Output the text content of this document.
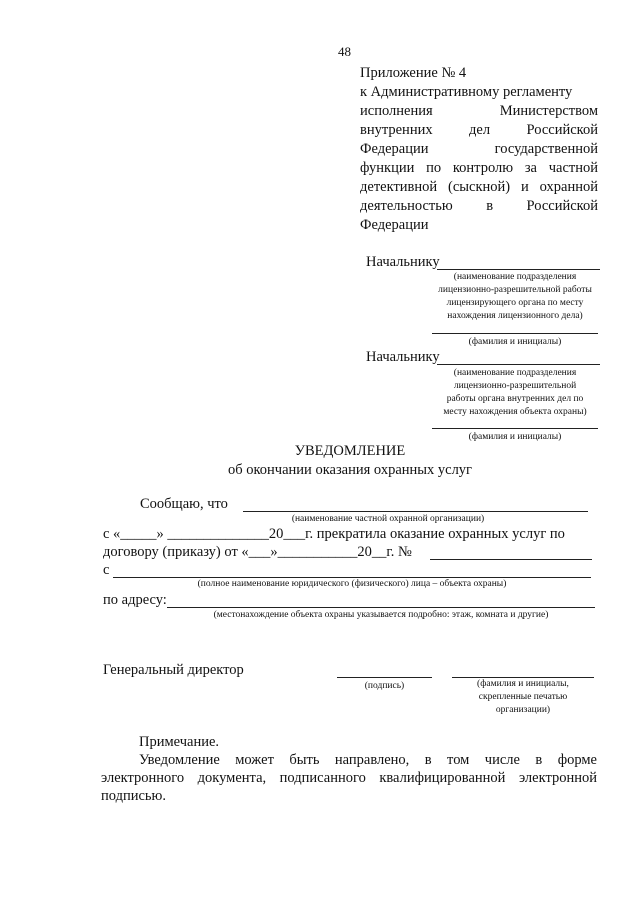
48
Приложение № 4
к Административному регламенту
исполнения Министерством
внутренних дел Российской
Федерации государственной
функции по контролю за частной
детективной (сыскной) и охранной
деятельностью в Российской
Федерации
Начальнику
(наименование подразделения
лицензионно-разрешительной работы
лицензирующего органа по месту
нахождения лицензионного дела)
(фамилия и инициалы)
Начальнику
(наименование подразделения
лицензионно-разрешительной
работы органа внутренних дел по
месту нахождения объекта охраны)
(фамилия и инициалы)
УВЕДОМЛЕНИЕ
об окончании оказания охранных услуг
Сообщаю, что
(наименование частной охранной организации)
с «_____» ______________20___г. прекратила оказание охранных услуг по
договору (приказу) от «___»___________20__г. №
с
(полное наименование юридического (физического) лица – объекта охраны)
по адресу:
(местонахождение объекта охраны указывается подробно: этаж, комната и другие)
Генеральный директор
(подпись)	(фамилия и инициалы,
скрепленные печатью
организации)
Примечание.
Уведомление может быть направлено, в том числе в форме
электронного документа, подписанного квалифицированной электронной
подписью.
